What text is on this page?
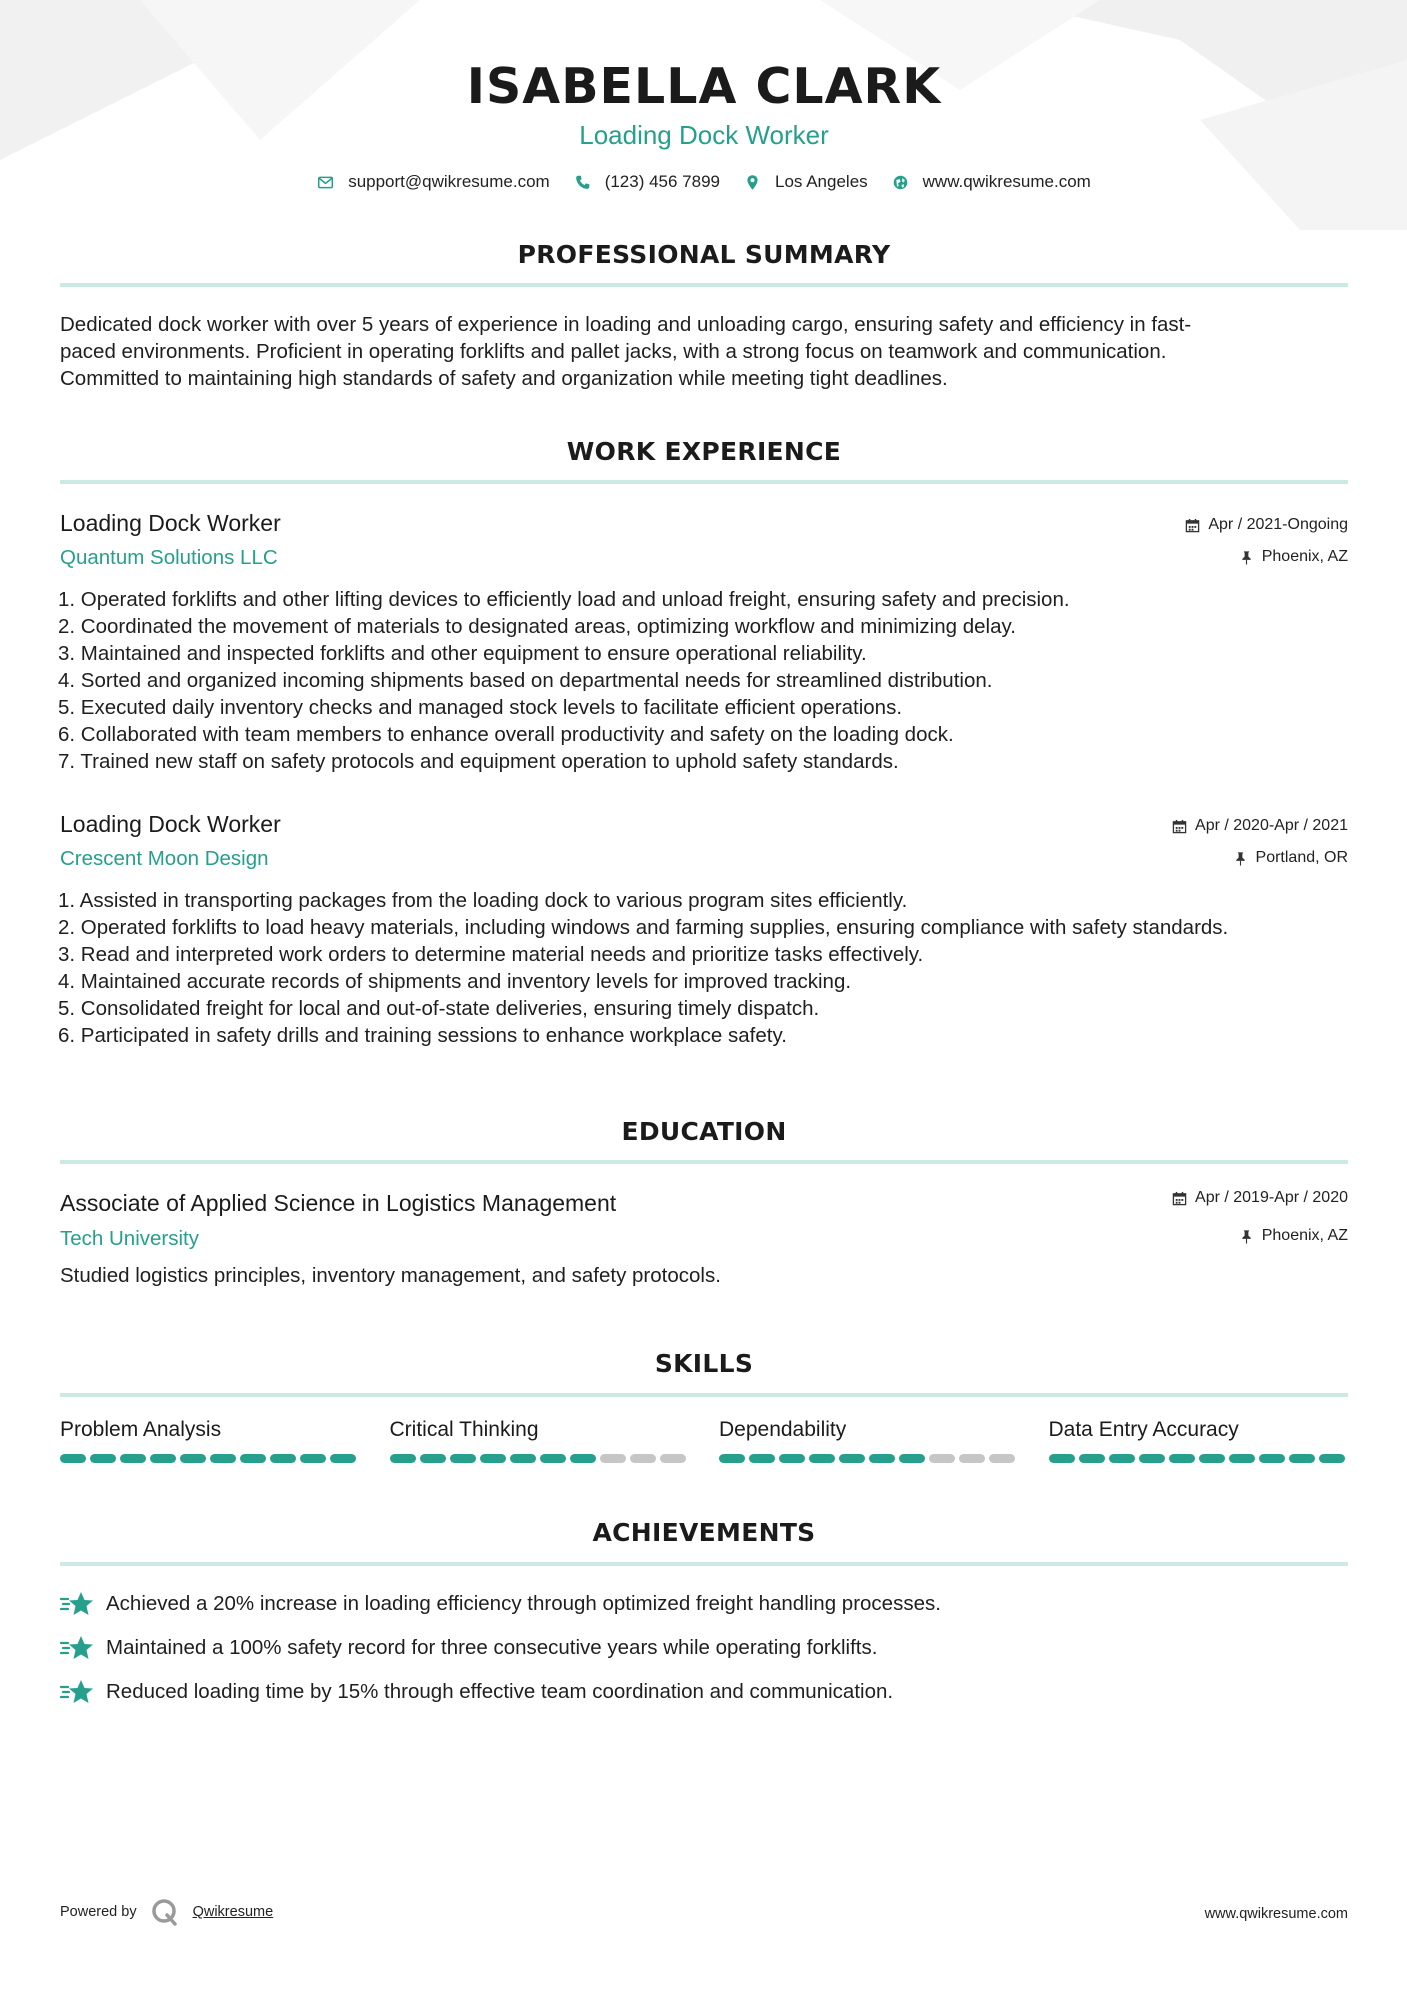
ISABELLA CLARK
Loading Dock Worker
support@qwikresume.com	(123) 456 7899	Los Angeles	www.qwikresume.com
PROFESSIONAL SUMMARY
Dedicated dock worker with over 5 years of experience in loading and unloading cargo, ensuring safety and efficiency in fast-
paced environments. Proficient in operating forklifts and pallet jacks, with a strong focus on teamwork and communication.
Committed to maintaining high standards of safety and organization while meeting tight deadlines.
WORK EXPERIENCE
Loading Dock Worker
Quantum Solutions LLC
Apr / 2021-Ongoing
Phoenix, AZ
1. Operated forklifts and other lifting devices to efficiently load and unload freight, ensuring safety and precision.
2. Coordinated the movement of materials to designated areas, optimizing workflow and minimizing delay.
3. Maintained and inspected forklifts and other equipment to ensure operational reliability.
4. Sorted and organized incoming shipments based on departmental needs for streamlined distribution.
5. Executed daily inventory checks and managed stock levels to facilitate efficient operations.
6. Collaborated with team members to enhance overall productivity and safety on the loading dock.
7. Trained new staff on safety protocols and equipment operation to uphold safety standards.
Loading Dock Worker
Crescent Moon Design
Apr / 2020-Apr / 2021
Portland, OR
1. Assisted in transporting packages from the loading dock to various program sites efficiently.
2. Operated forklifts to load heavy materials, including windows and farming supplies, ensuring compliance with safety standards.
3. Read and interpreted work orders to determine material needs and prioritize tasks effectively.
4. Maintained accurate records of shipments and inventory levels for improved tracking.
5. Consolidated freight for local and out-of-state deliveries, ensuring timely dispatch.
6. Participated in safety drills and training sessions to enhance workplace safety.
EDUCATION
Associate of Applied Science in Logistics Management
Tech University
Apr / 2019-Apr / 2020
Phoenix, AZ
Studied logistics principles, inventory management, and safety protocols.
SKILLS
Problem Analysis	Critical Thinking	Dependability	Data Entry Accuracy
ACHIEVEMENTS
Achieved a 20% increase in loading efficiency through optimized freight handling processes.
Maintained a 100% safety record for three consecutive years while operating forklifts.
Reduced loading time by 15% through effective team coordination and communication.
Powered by	Qwikresume	www.qwikresume.com
